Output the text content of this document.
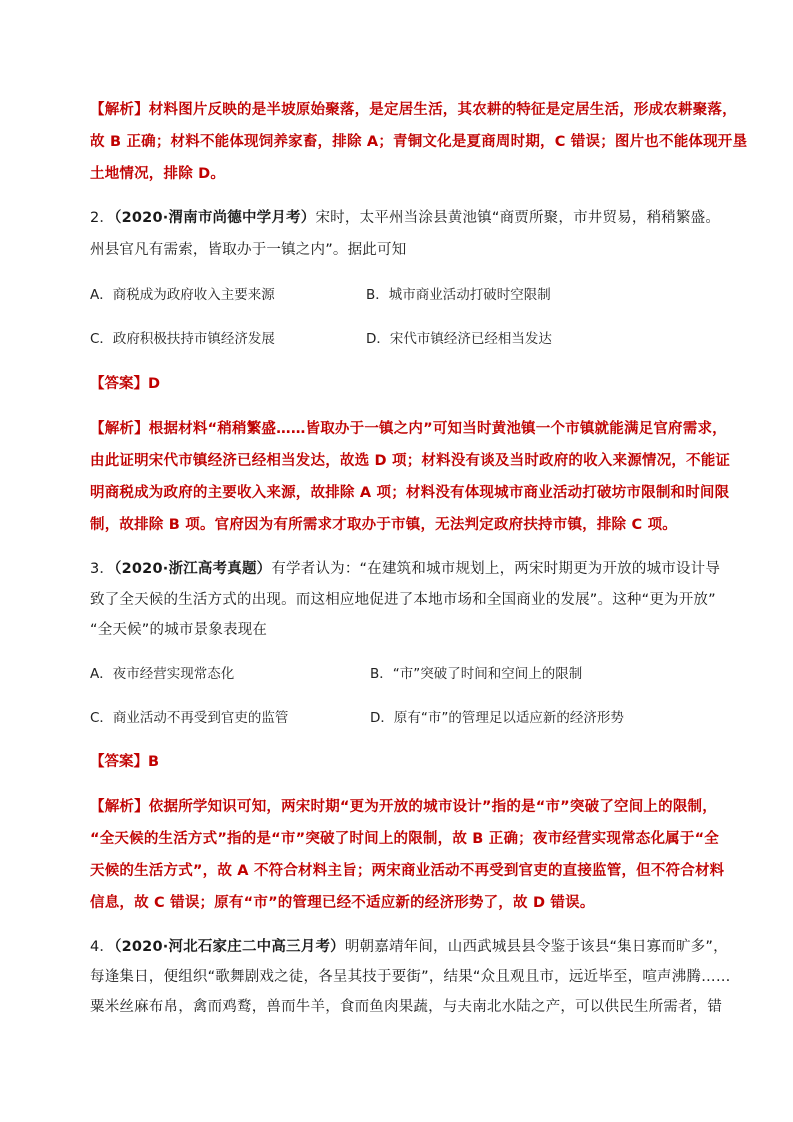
【解析】材料图片反映的是半坡原始聚落，是定居生活，其农耕的特征是定居生活，形成农耕聚落，
故 B 正确；材料不能体现饲养家畜，排除 A；青铜文化是夏商周时期，C 错误；图片也不能体现开垦
土地情况，排除 D。
2．（2020·渭南市尚德中学月考）宋时，太平州当涂县黄池镇“商贾所聚，市井贸易，稍稍繁盛。
州县官凡有需索，皆取办于一镇之内”。据此可知
A．商税成为政府收入主要来源	B．城市商业活动打破时空限制
C．政府积极扶持市镇经济发展	D．宋代市镇经济已经相当发达
【答案】D
【解析】根据材料“稍稍繁盛……皆取办于一镇之内”可知当时黄池镇一个市镇就能满足官府需求，
由此证明宋代市镇经济已经相当发达，故选 D 项；材料没有谈及当时政府的收入来源情况，不能证
明商税成为政府的主要收入来源，故排除 A 项；材料没有体现城市商业活动打破坊市限制和时间限
制，故排除 B 项。官府因为有所需求才取办于市镇，无法判定政府扶持市镇，排除 C 项。
3．（2020·浙江高考真题）有学者认为：“在建筑和城市规划上，两宋时期更为开放的城市设计导
致了全天候的生活方式的出现。而这相应地促进了本地市场和全国商业的发展”。这种“更为开放”
“全天候”的城市景象表现在
A．夜市经营实现常态化	B．“市”突破了时间和空间上的限制
C．商业活动不再受到官吏的监管	D．原有“市”的管理足以适应新的经济形势
【答案】B
【解析】依据所学知识可知，两宋时期“更为开放的城市设计”指的是“市”突破了空间上的限制，
“全天候的生活方式”指的是“市”突破了时间上的限制，故 B 正确；夜市经营实现常态化属于“全
天候的生活方式”，故 A 不符合材料主旨；两宋商业活动不再受到官吏的直接监管，但不符合材料
信息，故 C 错误；原有“市”的管理已经不适应新的经济形势了，故 D 错误。
4．（2020·河北石家庄二中高三月考）明朝嘉靖年间，山西武城县县令鉴于该县“集日寡而旷多”，
每逢集日，便组织“歌舞剧戏之徒，各呈其技于要街”，结果“众且观且市，远近毕至，喧声沸腾……
粟米丝麻布帛，禽而鸡鹜，兽而牛羊，食而鱼肉果蔬，与夫南北水陆之产，可以供民生所需者，错
